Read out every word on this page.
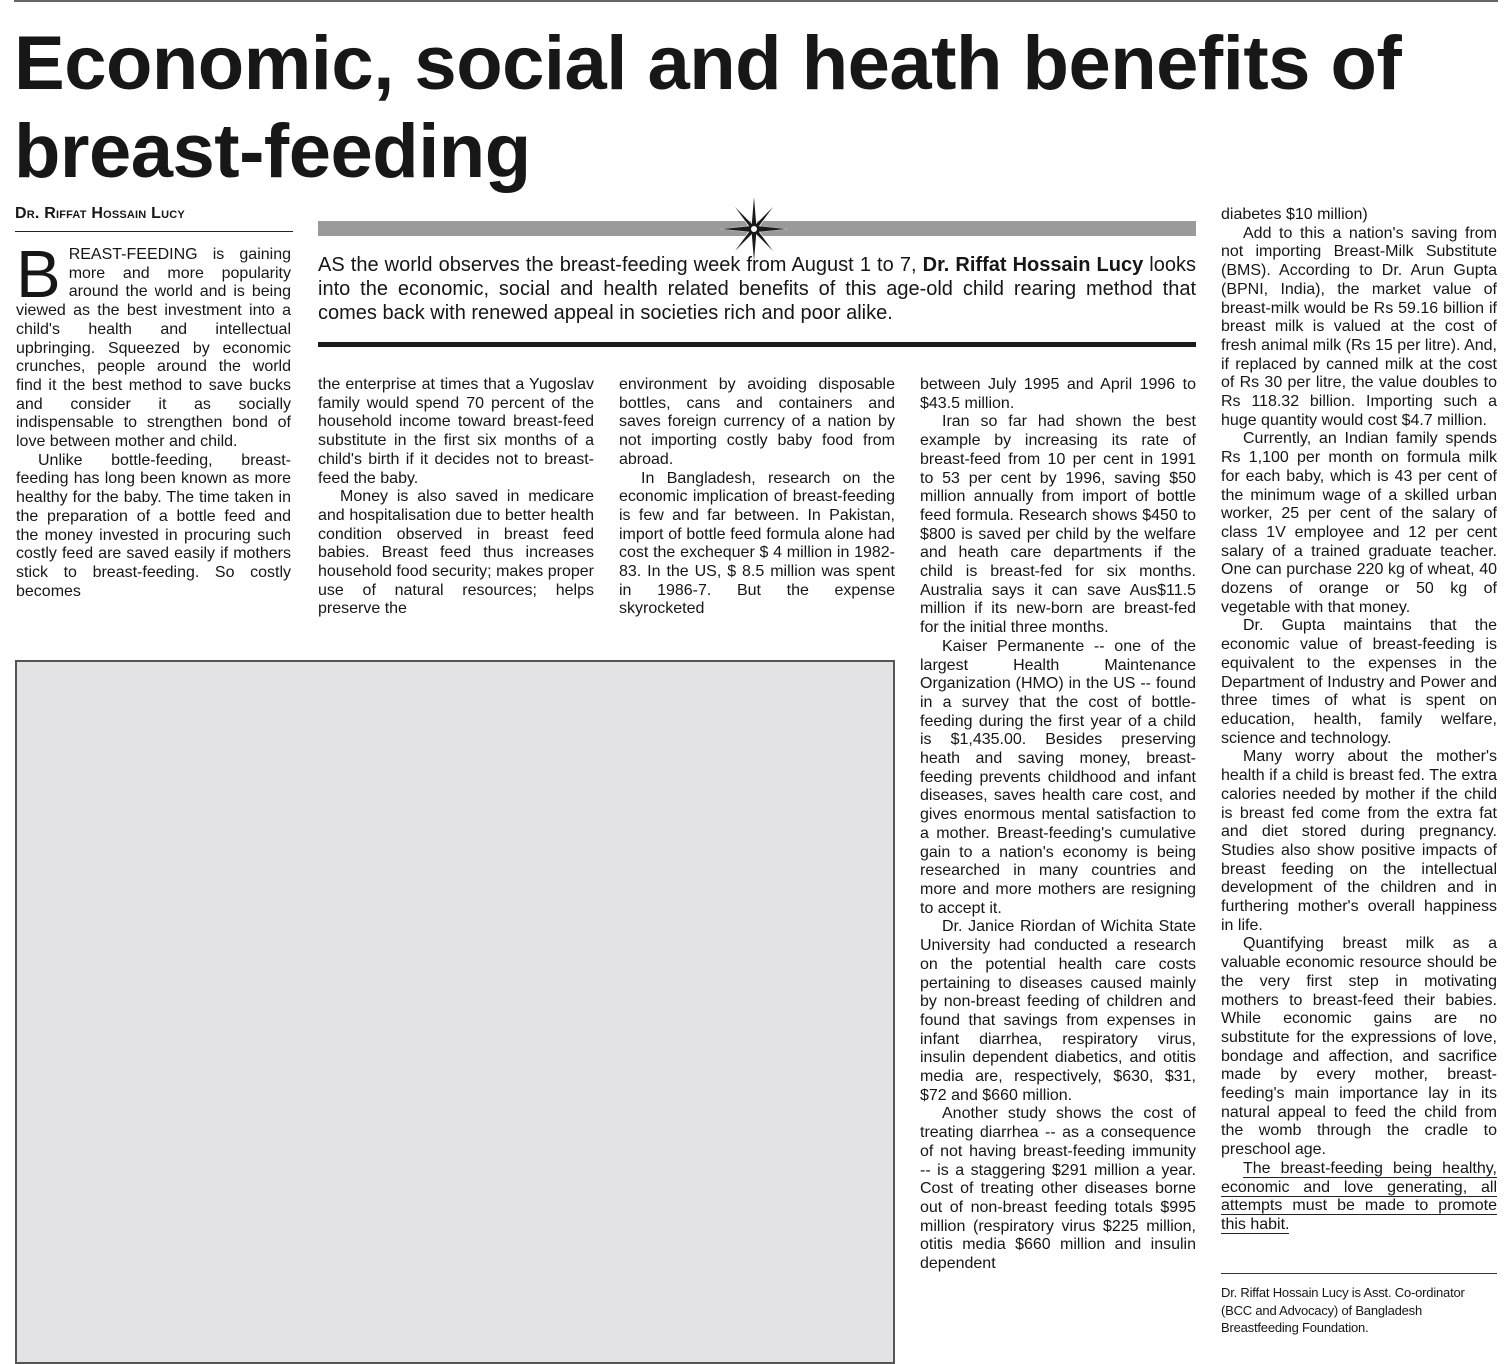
Economic, social and heath benefits of breast-feeding
Dr. Riffat Hossain Lucy

AS the world observes the breast-feeding week from August 1 to 7, Dr. Riffat Hossain Lucy looks into the economic, social and health related benefits of this age-old child rearing method that comes back with renewed appeal in societies rich and poor alike.

BREAST-FEEDING is gaining more and more popularity around the world and is being viewed as the best investment into a child's health and intellectual upbringing. Squeezed by economic crunches, people around the world find it the best method to save bucks and consider it as socially indispensable to strengthen bond of love between mother and child.

Unlike bottle-feeding, breast-feeding has long been known as more healthy for the baby. The time taken in the preparation of a bottle feed and the money invested in procuring such costly feed are saved easily if mothers stick to breast-feeding. So costly becomes

the enterprise at times that a Yugoslav family would spend 70 percent of the household income toward breast-feed substitute in the first six months of a child's birth if it decides not to breast-feed the baby.

Money is also saved in medicare and hospitalisation due to better health condition observed in breast feed babies. Breast feed thus increases household food security; makes proper use of natural resources; helps preserve the

environment by avoiding disposable bottles, cans and containers and saves foreign currency of a nation by not importing costly baby food from abroad.

In Bangladesh, research on the economic implication of breast-feeding is few and far between. In Pakistan, import of bottle feed formula alone had cost the exchequer $ 4 million in 1982-83. In the US, $ 8.5 million was spent in 1986-7. But the expense skyrocketed

between July 1995 and April 1996 to $43.5 million.

Iran so far had shown the best example by increasing its rate of breast-feed from 10 per cent in 1991 to 53 per cent by 1996, saving $50 million annually from import of bottle feed formula. Research shows $450 to $800 is saved per child by the welfare and heath care departments if the child is breast-fed for six months. Australia says it can save Aus$11.5 million if its new-born are breast-fed for the initial three months.

Kaiser Permanente -- one of the largest Health Maintenance Organization (HMO) in the US -- found in a survey that the cost of bottle-feeding during the first year of a child is $1,435.00. Besides preserving heath and saving money, breast-feeding prevents childhood and infant diseases, saves health care cost, and gives enormous mental satisfaction to a mother. Breast-feeding's cumulative gain to a nation's economy is being researched in many countries and more and more mothers are resigning to accept it.

Dr. Janice Riordan of Wichita State University had conducted a research on the potential health care costs pertaining to diseases caused mainly by non-breast feeding of children and found that savings from expenses in infant diarrhea, respiratory virus, insulin dependent diabetics, and otitis media are, respectively, $630, $31, $72 and $660 million.

Another study shows the cost of treating diarrhea -- as a consequence of not having breast-feeding immunity -- is a staggering $291 million a year. Cost of treating other diseases borne out of non-breast feeding totals $995 million (respiratory virus $225 million, otitis media $660 million and insulin dependent

diabetes $10 million)

Add to this a nation's saving from not importing Breast-Milk Substitute (BMS). According to Dr. Arun Gupta (BPNI, India), the market value of breast-milk would be Rs 59.16 billion if breast milk is valued at the cost of fresh animal milk (Rs 15 per litre). And, if replaced by canned milk at the cost of Rs 30 per litre, the value doubles to Rs 118.32 billion. Importing such a huge quantity would cost $4.7 million.

Currently, an Indian family spends Rs 1,100 per month on formula milk for each baby, which is 43 per cent of the minimum wage of a skilled urban worker, 25 per cent of the salary of class 1V employee and 12 per cent salary of a trained graduate teacher. One can purchase 220 kg of wheat, 40 dozens of orange or 50 kg of vegetable with that money.

Dr. Gupta maintains that the economic value of breast-feeding is equivalent to the expenses in the Department of Industry and Power and three times of what is spent on education, health, family welfare, science and technology.

Many worry about the mother's health if a child is breast fed. The extra calories needed by mother if the child is breast fed come from the extra fat and diet stored during pregnancy. Studies also show positive impacts of breast feeding on the intellectual development of the children and in furthering mother's overall happiness in life.

Quantifying breast milk as a valuable economic resource should be the very first step in motivating mothers to breast-feed their babies. While economic gains are no substitute for the expressions of love, bondage and affection, and sacrifice made by every mother, breast-feeding's main importance lay in its natural appeal to feed the child from the womb through the cradle to preschool age.

The breast-feeding being healthy, economic and love generating, all attempts must be made to promote this habit.

Dr. Riffat Hossain Lucy is Asst. Co-ordinator (BCC and Advocacy) of Bangladesh Breastfeeding Foundation.
